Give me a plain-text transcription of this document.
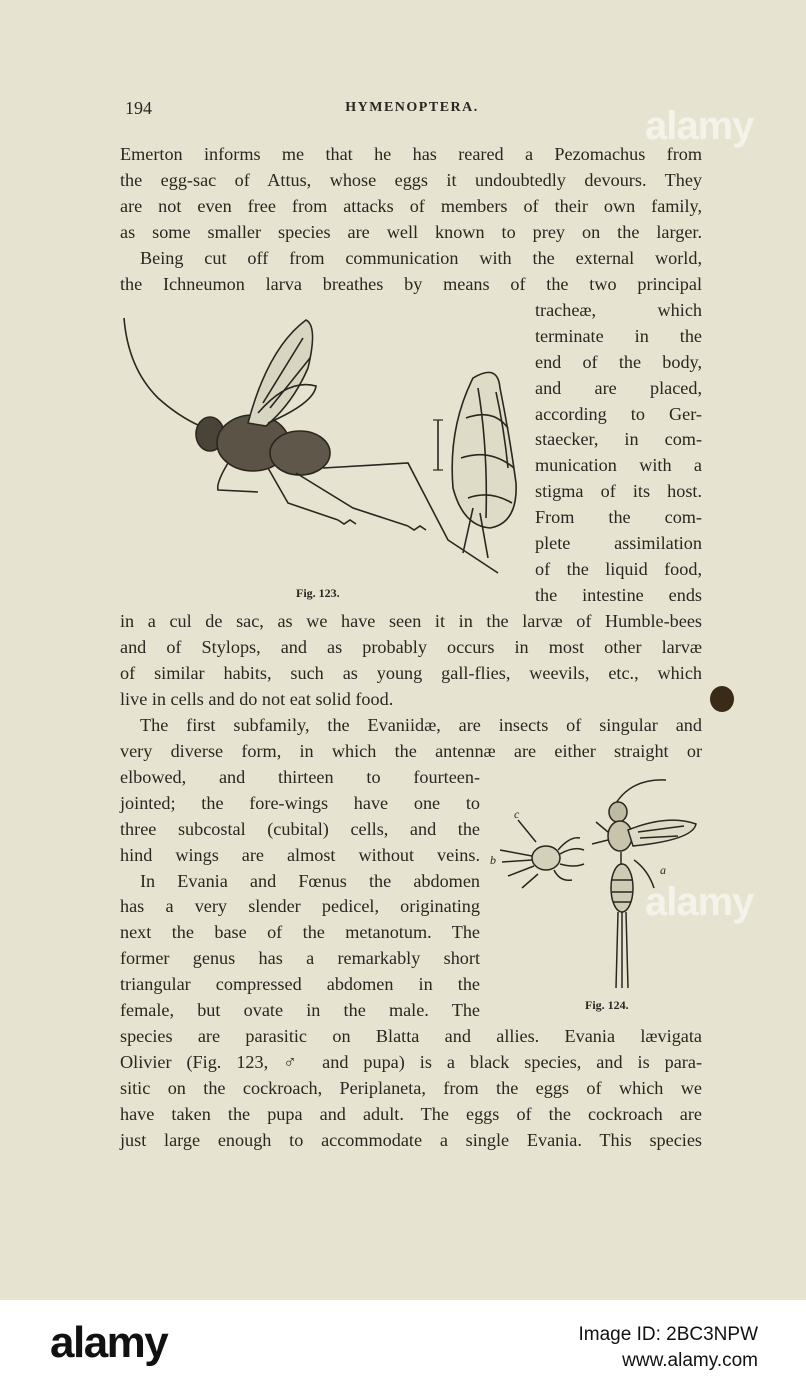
194	HYMENOPTERA.
Emerton informs me that he has reared a Pezomachus from
the egg-sac of Attus, whose eggs it undoubtedly devours. They
are not even free from attacks of members of their own family,
as some smaller species are well known to prey on the larger.
Being cut off from communication with the external world,
the Ichneumon larva breathes by means of the two principal
tracheæ, which
terminate in the
end of the body,
and are placed,
according to Ger-
staecker, in com-
munication with a
stigma of its host.
From the com-
plete assimilation
of the liquid food,
the intestine ends
Fig. 123.
in a cul de sac, as we have seen it in the larvæ of Humble-bees
and of Stylops, and as probably occurs in most other larvæ
of similar habits, such as young gall-flies, weevils, etc., which
live in cells and do not eat solid food.
The first subfamily, the Evaniidæ, are insects of singular and
very diverse form, in which the antennæ are either straight or
elbowed, and thirteen to fourteen-
jointed; the fore-wings have one to
three subcostal (cubital) cells, and the
hind wings are almost without veins.
In Evania and Fœnus the abdomen
has a very slender pedicel, originating
next the base of the metanotum. The
former genus has a remarkably short
triangular compressed abdomen in the
female, but ovate in the male. The
c
b
a
Fig. 124.
species are parasitic on Blatta and allies. Evania lævigata
Olivier (Fig. 123, ♂ and pupa) is a black species, and is para-
sitic on the cockroach, Periplaneta, from the eggs of which we
have taken the pupa and adult. The eggs of the cockroach are
just large enough to accommodate a single Evania. This species
alamy
alamy
alamy	Image ID: 2BC3NPW
www.alamy.com
